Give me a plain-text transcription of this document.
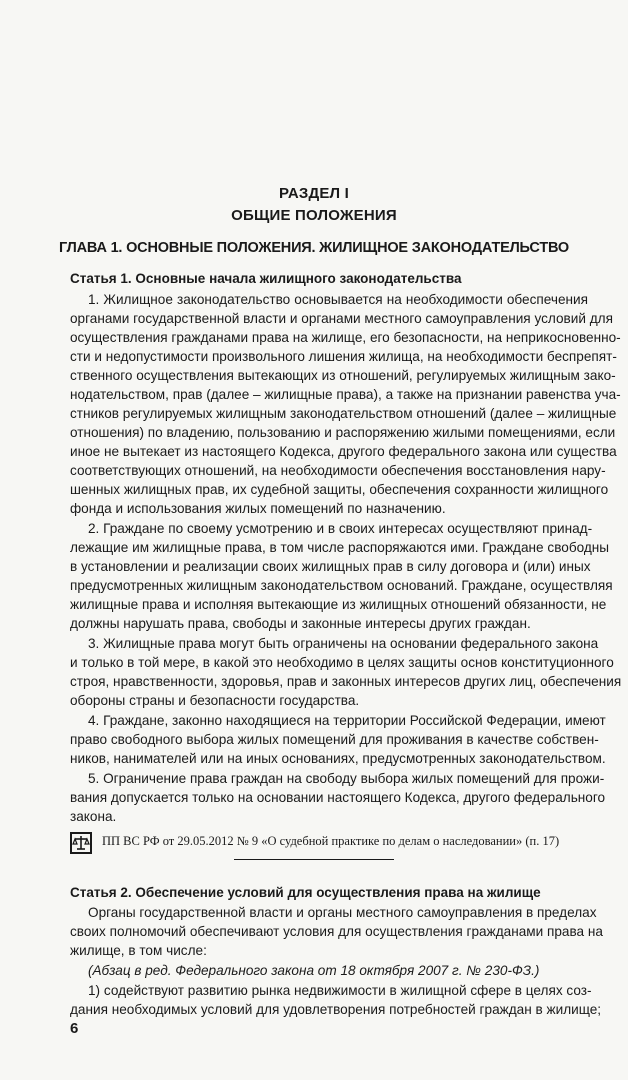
РАЗДЕЛ I
ОБЩИЕ ПОЛОЖЕНИЯ
ГЛАВА 1. ОСНОВНЫЕ ПОЛОЖЕНИЯ. ЖИЛИЩНОЕ ЗАКОНОДАТЕЛЬСТВО
Статья 1. Основные начала жилищного законодательства
1. Жилищное законодательство основывается на необходимости обеспечения
органами государственной власти и органами местного самоуправления условий для
осуществления гражданами права на жилище, его безопасности, на неприкосновенно-
сти и недопустимости произвольного лишения жилища, на необходимости беспрепят-
ственного осуществления вытекающих из отношений, регулируемых жилищным зако-
нодательством, прав (далее – жилищные права), а также на признании равенства уча-
стников регулируемых жилищным законодательством отношений (далее – жилищные
отношения) по владению, пользованию и распоряжению жилыми помещениями, если
иное не вытекает из настоящего Кодекса, другого федерального закона или существа
соответствующих отношений, на необходимости обеспечения восстановления нару-
шенных жилищных прав, их судебной защиты, обеспечения сохранности жилищного
фонда и использования жилых помещений по назначению.
2. Граждане по своему усмотрению и в своих интересах осуществляют принад-
лежащие им жилищные права, в том числе распоряжаются ими. Граждане свободны
в установлении и реализации своих жилищных прав в силу договора и (или) иных
предусмотренных жилищным законодательством оснований. Граждане, осуществляя
жилищные права и исполняя вытекающие из жилищных отношений обязанности, не
должны нарушать права, свободы и законные интересы других граждан.
3. Жилищные права могут быть ограничены на основании федерального закона
и только в той мере, в какой это необходимо в целях защиты основ конституционного
строя, нравственности, здоровья, прав и законных интересов других лиц, обеспечения
обороны страны и безопасности государства.
4. Граждане, законно находящиеся на территории Российской Федерации, имеют
право свободного выбора жилых помещений для проживания в качестве собствен-
ников, нанимателей или на иных основаниях, предусмотренных законодательством.
5. Ограничение права граждан на свободу выбора жилых помещений для прожи-
вания допускается только на основании настоящего Кодекса, другого федерального
закона.
ПП ВС РФ от 29.05.2012 № 9 «О судебной практике по делам о наследовании» (п. 17)
Статья 2. Обеспечение условий для осуществления права на жилище
Органы государственной власти и органы местного самоуправления в пределах
своих полномочий обеспечивают условия для осуществления гражданами права на
жилище, в том числе:
(Абзац в ред. Федерального закона от 18 октября 2007 г. № 230-ФЗ.)
1) содействуют развитию рынка недвижимости в жилищной сфере в целях соз-
дания необходимых условий для удовлетворения потребностей граждан в жилище;
6
